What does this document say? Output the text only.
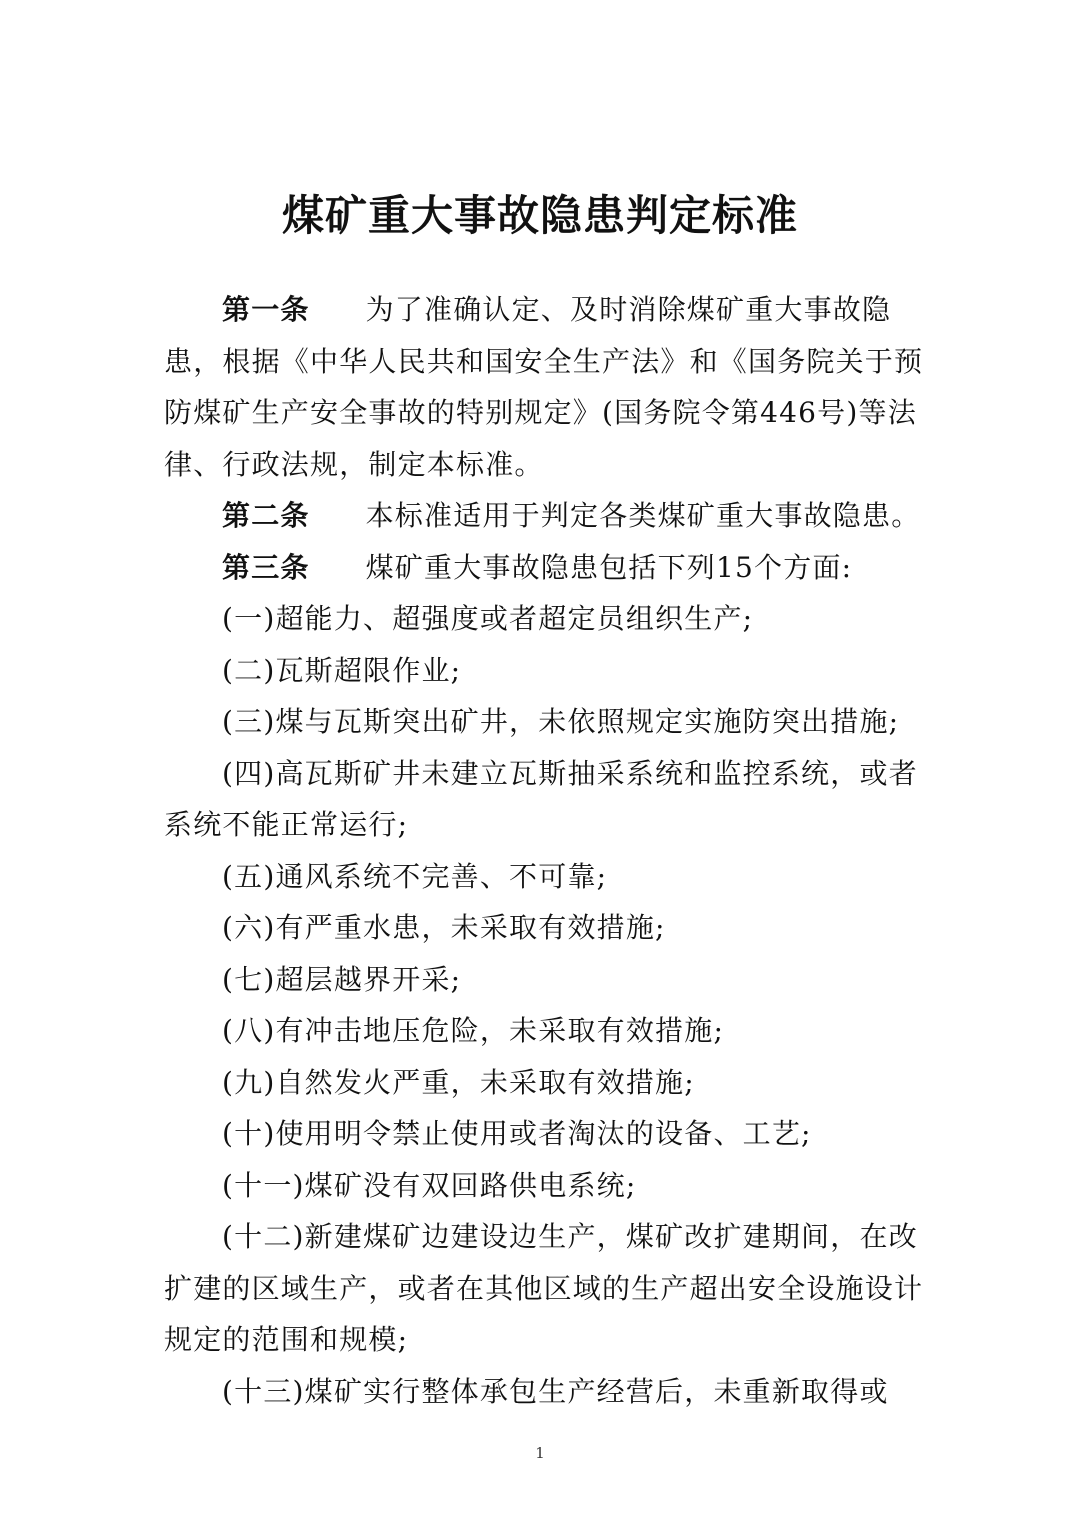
煤矿重大事故隐患判定标准

第一条 为了准确认定、及时消除煤矿重大事故隐患，根据《中华人民共和国安全生产法》和《国务院关于预防煤矿生产安全事故的特别规定》(国务院令第446号)等法律、行政法规，制定本标准。

第二条 本标准适用于判定各类煤矿重大事故隐患。

第三条 煤矿重大事故隐患包括下列15个方面:

(一)超能力、超强度或者超定员组织生产;

(二)瓦斯超限作业;

(三)煤与瓦斯突出矿井，未依照规定实施防突出措施;

(四)高瓦斯矿井未建立瓦斯抽采系统和监控系统，或者系统不能正常运行;

(五)通风系统不完善、不可靠;

(六)有严重水患，未采取有效措施;

(七)超层越界开采;

(八)有冲击地压危险，未采取有效措施;

(九)自然发火严重，未采取有效措施;

(十)使用明令禁止使用或者淘汰的设备、工艺;

(十一)煤矿没有双回路供电系统;

(十二)新建煤矿边建设边生产，煤矿改扩建期间，在改扩建的区域生产，或者在其他区域的生产超出安全设施设计规定的范围和规模;

(十三)煤矿实行整体承包生产经营后，未重新取得或

1
